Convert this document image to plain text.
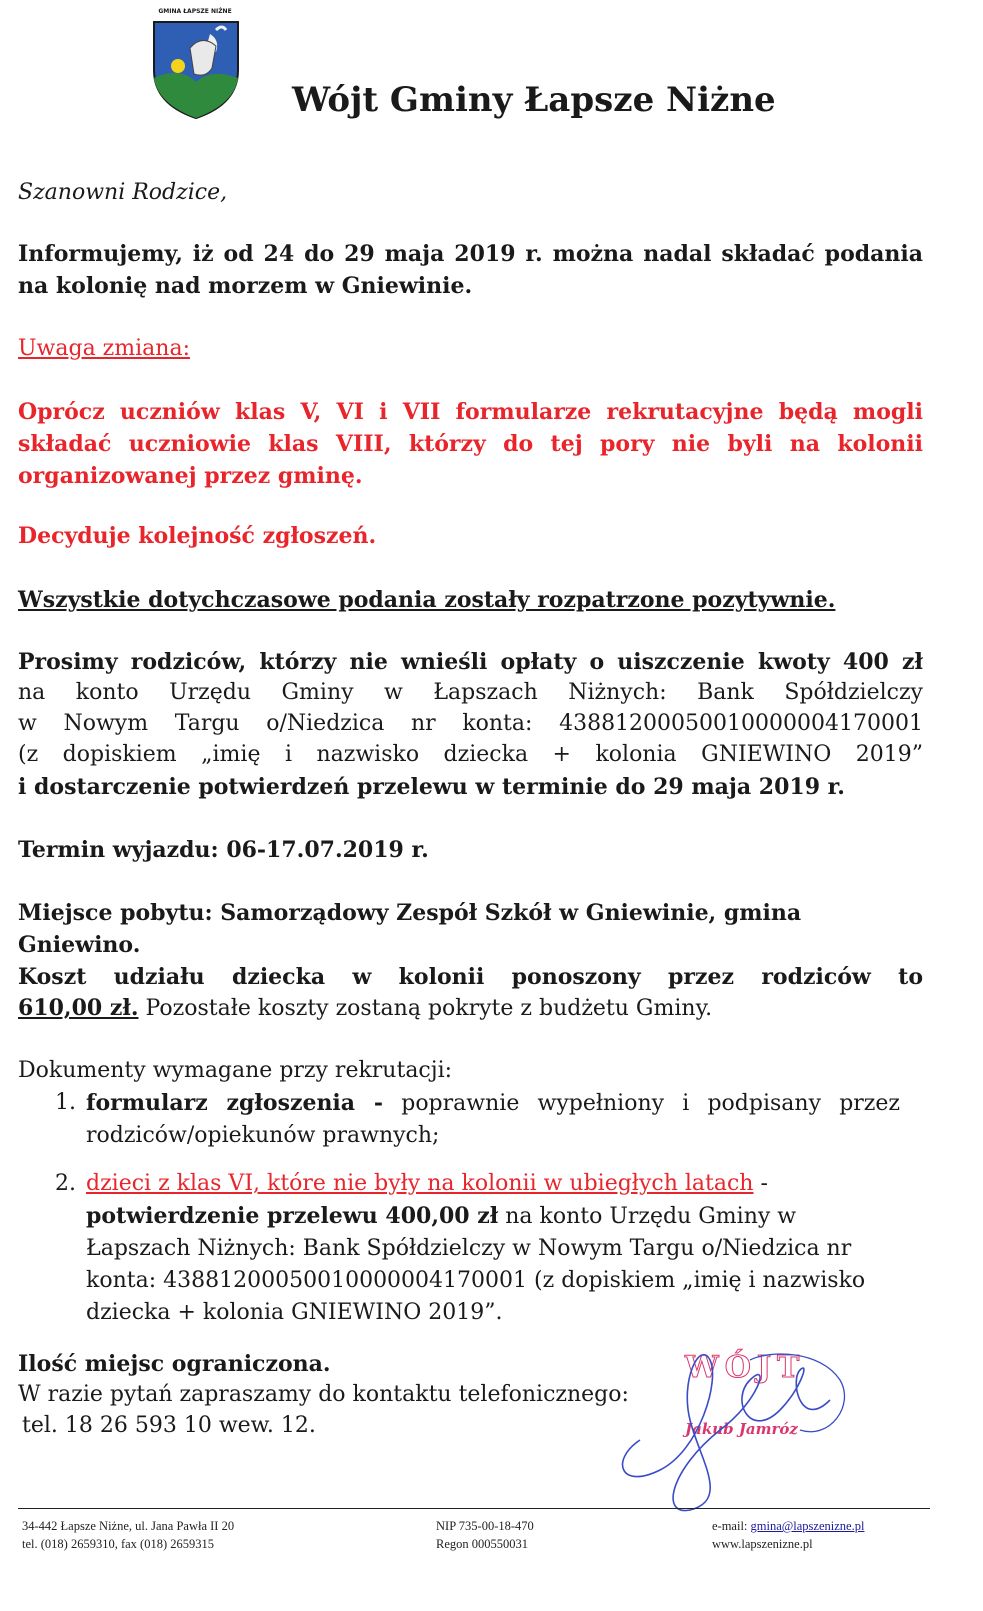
GMINA ŁAPSZE NIŻNE
Wójt Gminy Łapsze Niżne
Szanowni Rodzice,
Informujemy, iż od 24 do 29 maja 2019 r. można nadal składać podania na kolonię nad morzem w Gniewinie.
Uwaga zmiana:
Oprócz uczniów klas V, VI i VII formularze rekrutacyjne będą mogli składać uczniowie klas VIII, którzy do tej pory nie byli na kolonii organizowanej przez gminę.
Decyduje kolejność zgłoszeń.
Wszystkie dotychczasowe podania zostały rozpatrzone pozytywnie.
Prosimy rodziców, którzy nie wnieśli opłaty o uiszczenie kwoty 400 zł
na konto Urzędu Gminy w Łapszach Niżnych: Bank Spółdzielczy
w Nowym Targu o/Niedzica nr konta: 43881200050010000004170001
(z dopiskiem „imię i nazwisko dziecka + kolonia GNIEWINO 2019”
i dostarczenie potwierdzeń przelewu w terminie do 29 maja 2019 r.
Termin wyjazdu: 06-17.07.2019 r.
Miejsce pobytu: Samorządowy Zespół Szkół w Gniewinie, gmina Gniewino.
Koszt udziału dziecka w kolonii ponoszony przez rodziców to
610,00 zł. Pozostałe koszty zostaną pokryte z budżetu Gminy.
Dokumenty wymagane przy rekrutacji:
1. formularz zgłoszenia - poprawnie wypełniony i podpisany przez rodziców/opiekunów prawnych;
2. dzieci z klas VI, które nie były na kolonii w ubiegłych latach -
potwierdzenie przelewu 400,00 zł na konto Urzędu Gminy w Łapszach Niżnych: Bank Spółdzielczy w Nowym Targu o/Niedzica nr konta: 43881200050010000004170001 (z dopiskiem „imię i nazwisko dziecka + kolonia GNIEWINO 2019”.
Ilość miejsc ograniczona.
W razie pytań zapraszamy do kontaktu telefonicznego:
tel. 18 26 593 10 wew. 12.
WÓJT
Jakub Jamróz
34-442 Łapsze Niżne, ul. Jana Pawła II 20
tel. (018) 2659310, fax (018) 2659315
NIP 735-00-18-470
Regon 000550031
e-mail: gmina@lapszenizne.pl
www.lapszenizne.pl
